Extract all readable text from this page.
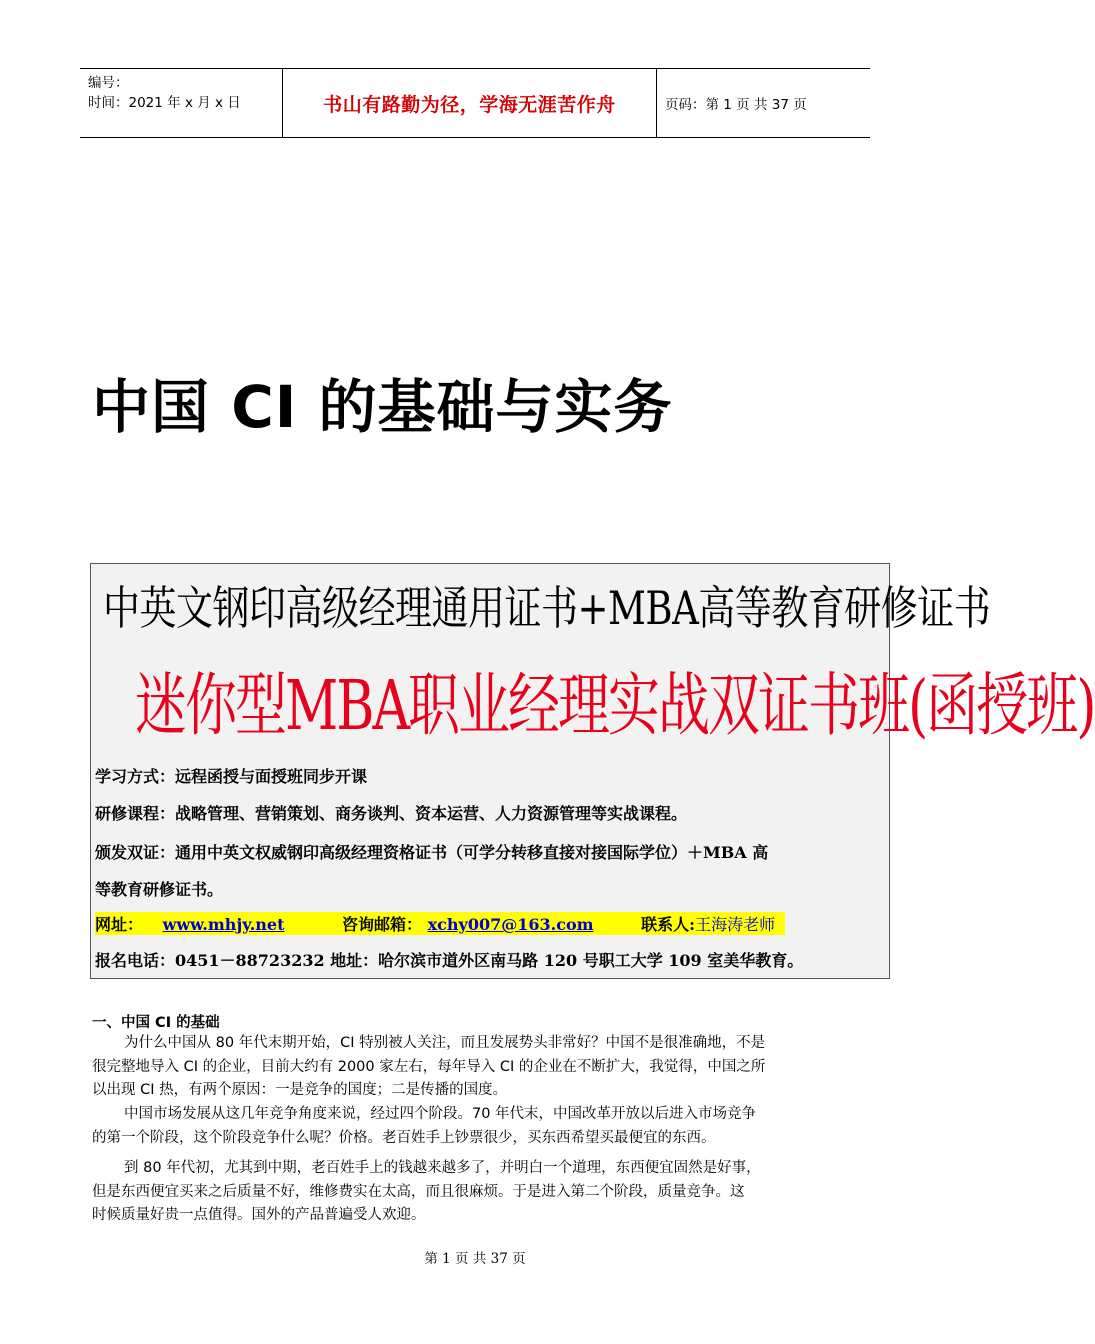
编号：
时间：2021 年 x 月 x 日	书山有路勤为径，学海无涯苦作舟	页码：第 1 页 共 37 页
中国 CI 的基础与实务
中英文钢印高级经理通用证书+MBA高等教育研修证书
迷你型MBA职业经理实战双证书班(函授班)
学习方式：远程函授与面授班同步开课
研修课程：战略管理、营销策划、商务谈判、资本运营、人力资源管理等实战课程。
颁发双证：通用中英文权威钢印高级经理资格证书（可学分转移直接对接国际学位）＋MBA 高
等教育研修证书。
网址： www.mhjy.net	咨询邮箱： xchy007@163.com	联系人:王海涛老师
报名电话：0451－88723232 地址：哈尔滨市道外区南马路 120 号职工大学 109 室美华教育。
一、中国 CI 的基础
为什么中国从 80 年代末期开始，CI 特别被人关注，而且发展势头非常好？中国不是很准确地，不是
很完整地导入 CI 的企业，目前大约有 2000 家左右，每年导入 CI 的企业在不断扩大，我觉得，中国之所
以出现 CI 热，有两个原因：一是竞争的国度；二是传播的国度。
中国市场发展从这几年竞争角度来说，经过四个阶段。70 年代末，中国改革开放以后进入市场竞争
的第一个阶段，这个阶段竞争什么呢？价格。老百姓手上钞票很少，买东西希望买最便宜的东西。
到 80 年代初，尤其到中期，老百姓手上的钱越来越多了，并明白一个道理，东西便宜固然是好事，
但是东西便宜买来之后质量不好，维修费实在太高，而且很麻烦。于是进入第二个阶段，质量竞争。这
时候质量好贵一点值得。国外的产品普遍受人欢迎。
第 1 页 共 37 页
